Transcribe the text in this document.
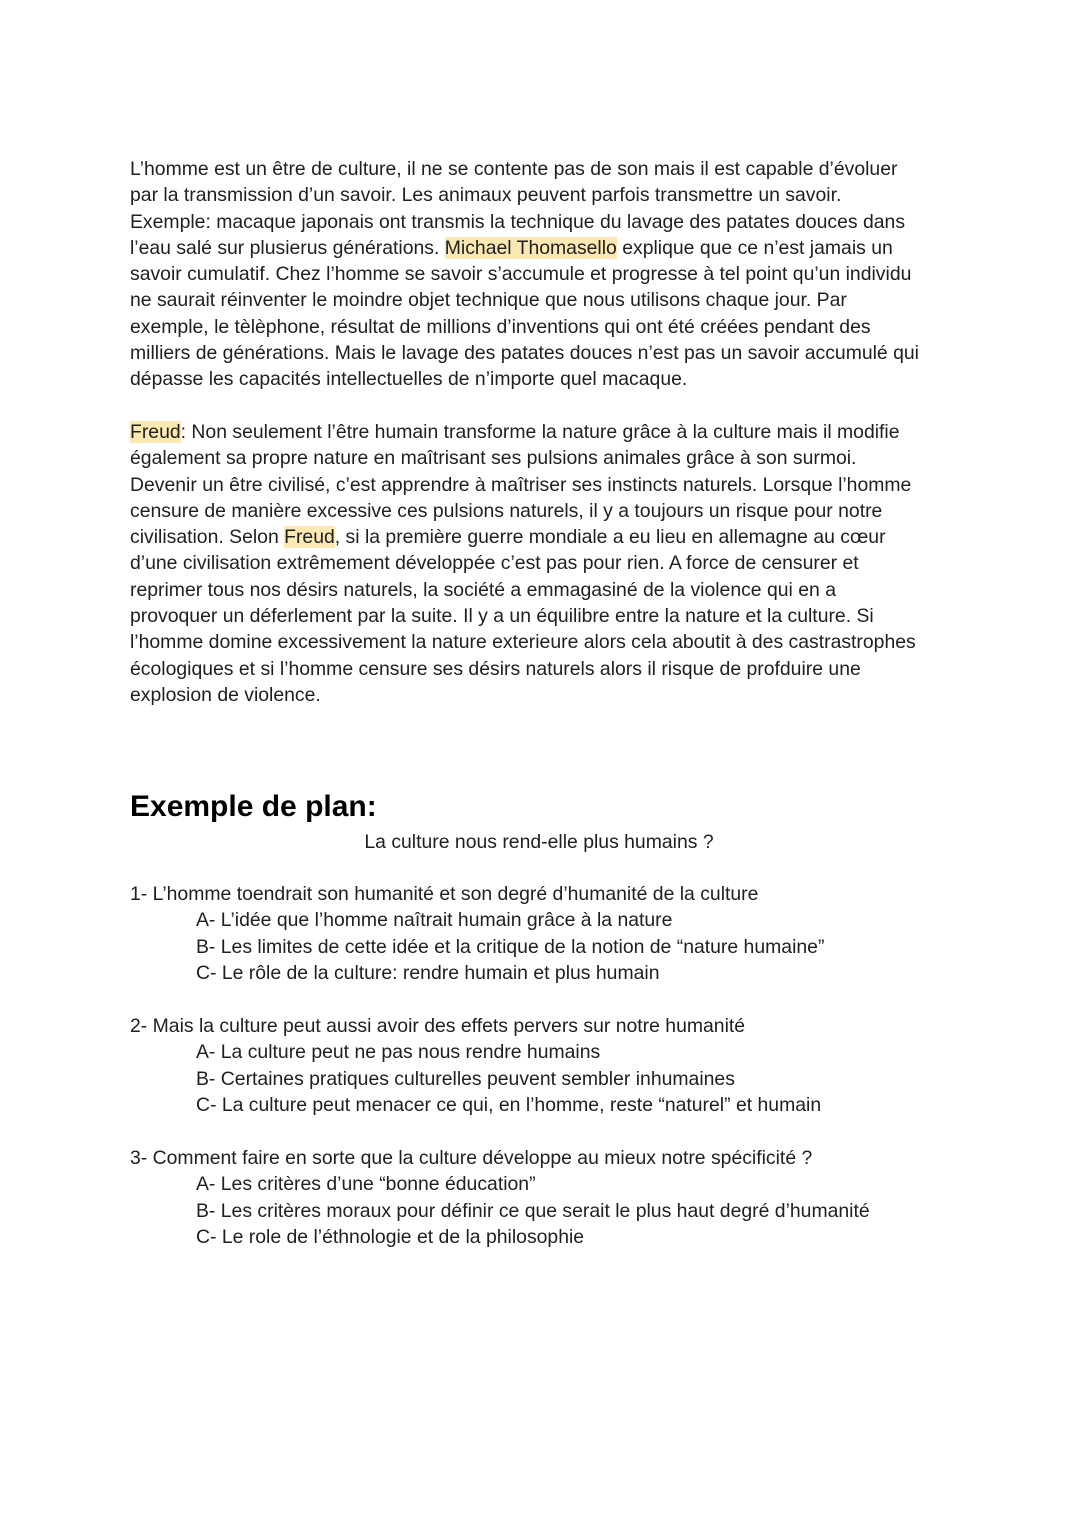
L’homme est un être de culture, il ne se contente pas de son mais il est capable d’évoluer
par la transmission d’un savoir. Les animaux peuvent parfois transmettre un savoir.
Exemple: macaque japonais ont transmis la technique du lavage des patates douces dans
l’eau salé sur plusierus générations. Michael Thomasello explique que ce n’est jamais un
savoir cumulatif. Chez l’homme se savoir s’accumule et progresse à tel point qu’un individu
ne saurait réinventer le moindre objet technique que nous utilisons chaque jour. Par
exemple, le tèlèphone, résultat de millions d’inventions qui ont été créées pendant des
milliers de générations. Mais le lavage des patates douces n’est pas un savoir accumulé qui
dépasse les capacités intellectuelles de n’importe quel macaque.
Freud: Non seulement l’être humain transforme la nature grâce à la culture mais il modifie
également sa propre nature en maîtrisant ses pulsions animales grâce à son surmoi.
Devenir un être civilisé, c’est apprendre à maîtriser ses instincts naturels. Lorsque l’homme
censure de manière excessive ces pulsions naturels, il y a toujours un risque pour notre
civilisation. Selon Freud, si la première guerre mondiale a eu lieu en allemagne au cœur
d’une civilisation extrêmement développée c’est pas pour rien. A force de censurer et
reprimer tous nos désirs naturels, la société a emmagasiné de la violence qui en a
provoquer un déferlement par la suite. Il y a un équilibre entre la nature et la culture. Si
l’homme domine excessivement la nature exterieure alors cela aboutit à des castrastrophes
écologiques et si l’homme censure ses désirs naturels alors il risque de profduire une
explosion de violence.
Exemple de plan:

La culture nous rend-elle plus humains ?

1- L’homme toendrait son humanité et son degré d’humanité de la culture

A- L’idée que l’homme naîtrait humain grâce à la nature

B- Les limites de cette idée et la critique de la notion de “nature humaine”

C- Le rôle de la culture: rendre humain et plus humain

2- Mais la culture peut aussi avoir des effets pervers sur notre humanité

A- La culture peut ne pas nous rendre humains

B- Certaines pratiques culturelles peuvent sembler inhumaines

C- La culture peut menacer ce qui, en l’homme, reste “naturel” et humain

3- Comment faire en sorte que la culture développe au mieux notre spécificité ?

A- Les critères d’une “bonne éducation”

B- Les critères moraux pour définir ce que serait le plus haut degré d’humanité

C- Le role de l’éthnologie et de la philosophie
